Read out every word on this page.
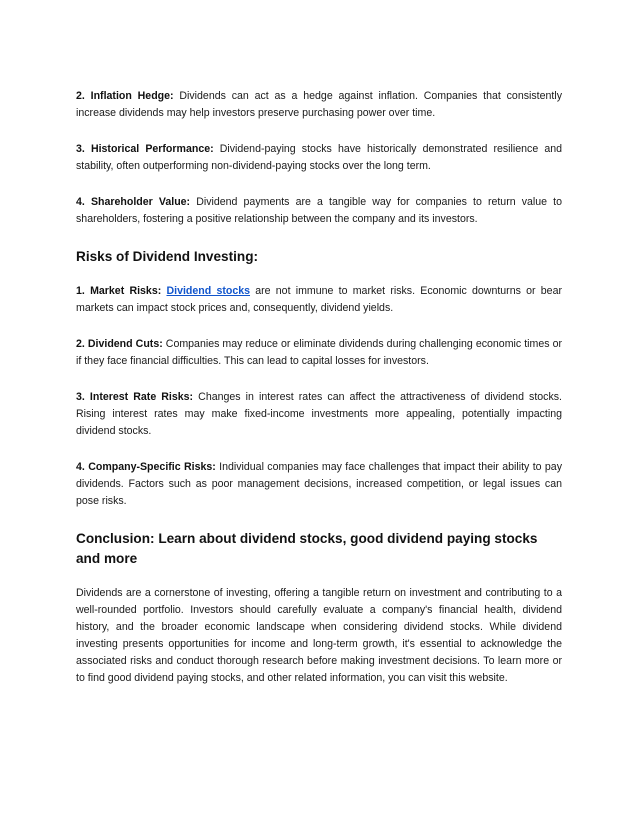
2. Inflation Hedge: Dividends can act as a hedge against inflation. Companies that consistently increase dividends may help investors preserve purchasing power over time.

3. Historical Performance: Dividend-paying stocks have historically demonstrated resilience and stability, often outperforming non-dividend-paying stocks over the long term.

4. Shareholder Value: Dividend payments are a tangible way for companies to return value to shareholders, fostering a positive relationship between the company and its investors.

Risks of Dividend Investing:

1. Market Risks: Dividend stocks are not immune to market risks. Economic downturns or bear markets can impact stock prices and, consequently, dividend yields.

2. Dividend Cuts: Companies may reduce or eliminate dividends during challenging economic times or if they face financial difficulties. This can lead to capital losses for investors.

3. Interest Rate Risks: Changes in interest rates can affect the attractiveness of dividend stocks. Rising interest rates may make fixed-income investments more appealing, potentially impacting dividend stocks.

4. Company-Specific Risks: Individual companies may face challenges that impact their ability to pay dividends. Factors such as poor management decisions, increased competition, or legal issues can pose risks.

Conclusion: Learn about dividend stocks, good dividend paying stocks and more

Dividends are a cornerstone of investing, offering a tangible return on investment and contributing to a well-rounded portfolio. Investors should carefully evaluate a company's financial health, dividend history, and the broader economic landscape when considering dividend stocks. While dividend investing presents opportunities for income and long-term growth, it's essential to acknowledge the associated risks and conduct thorough research before making investment decisions. To learn more or to find good dividend paying stocks, and other related information, you can visit this website.
